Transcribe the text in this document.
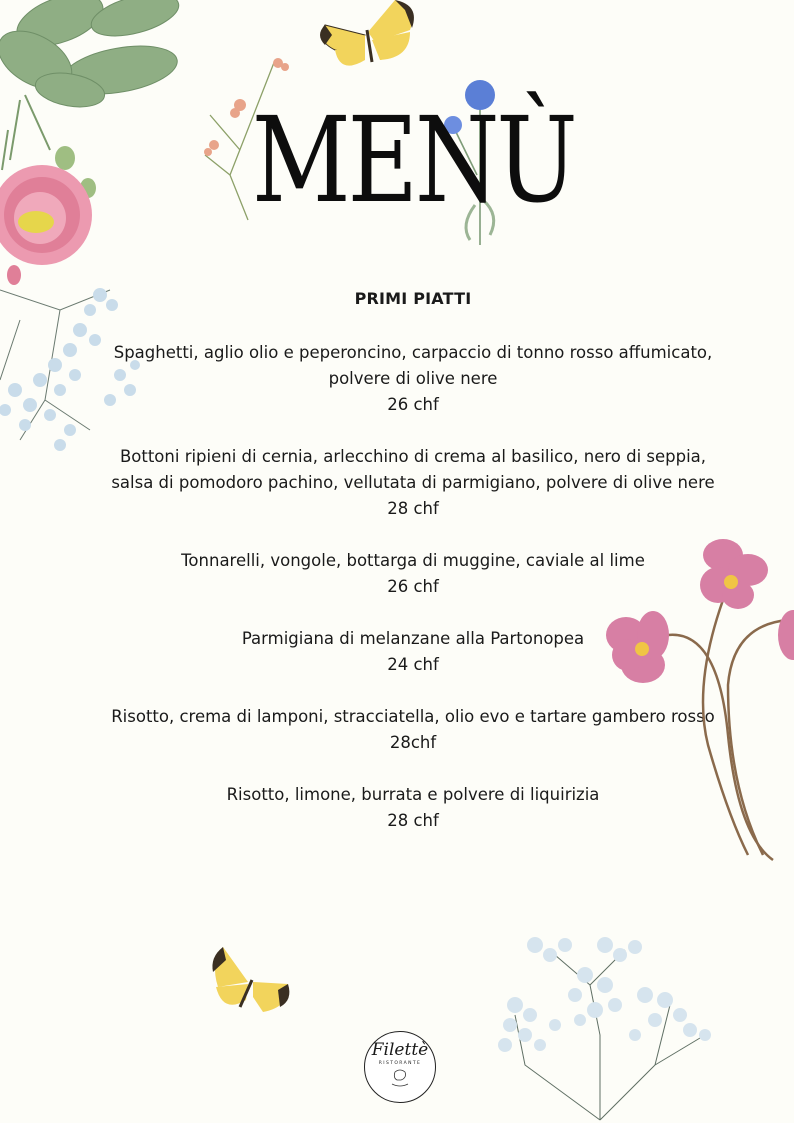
MENÙ
PRIMI PIATTI
Spaghetti, aglio olio e peperoncino, carpaccio di tonno rosso affumicato,
polvere di olive nere
26 chf
Bottoni ripieni di cernia, arlecchino di crema al basilico, nero di seppia,
salsa di pomodoro pachino, vellutata di parmigiano, polvere di olive nere
28 chf
Tonnarelli, vongole, bottarga di muggine, caviale al lime
26 chf
Parmigiana di melanzane alla Partonopea
24 chf
Risotto, crema di lamponi, stracciatella, olio evo e tartare gambero rosso
28chf
Risotto, limone, burrata e polvere di liquirizia
28 chf
Filettè
RISTORANTE
